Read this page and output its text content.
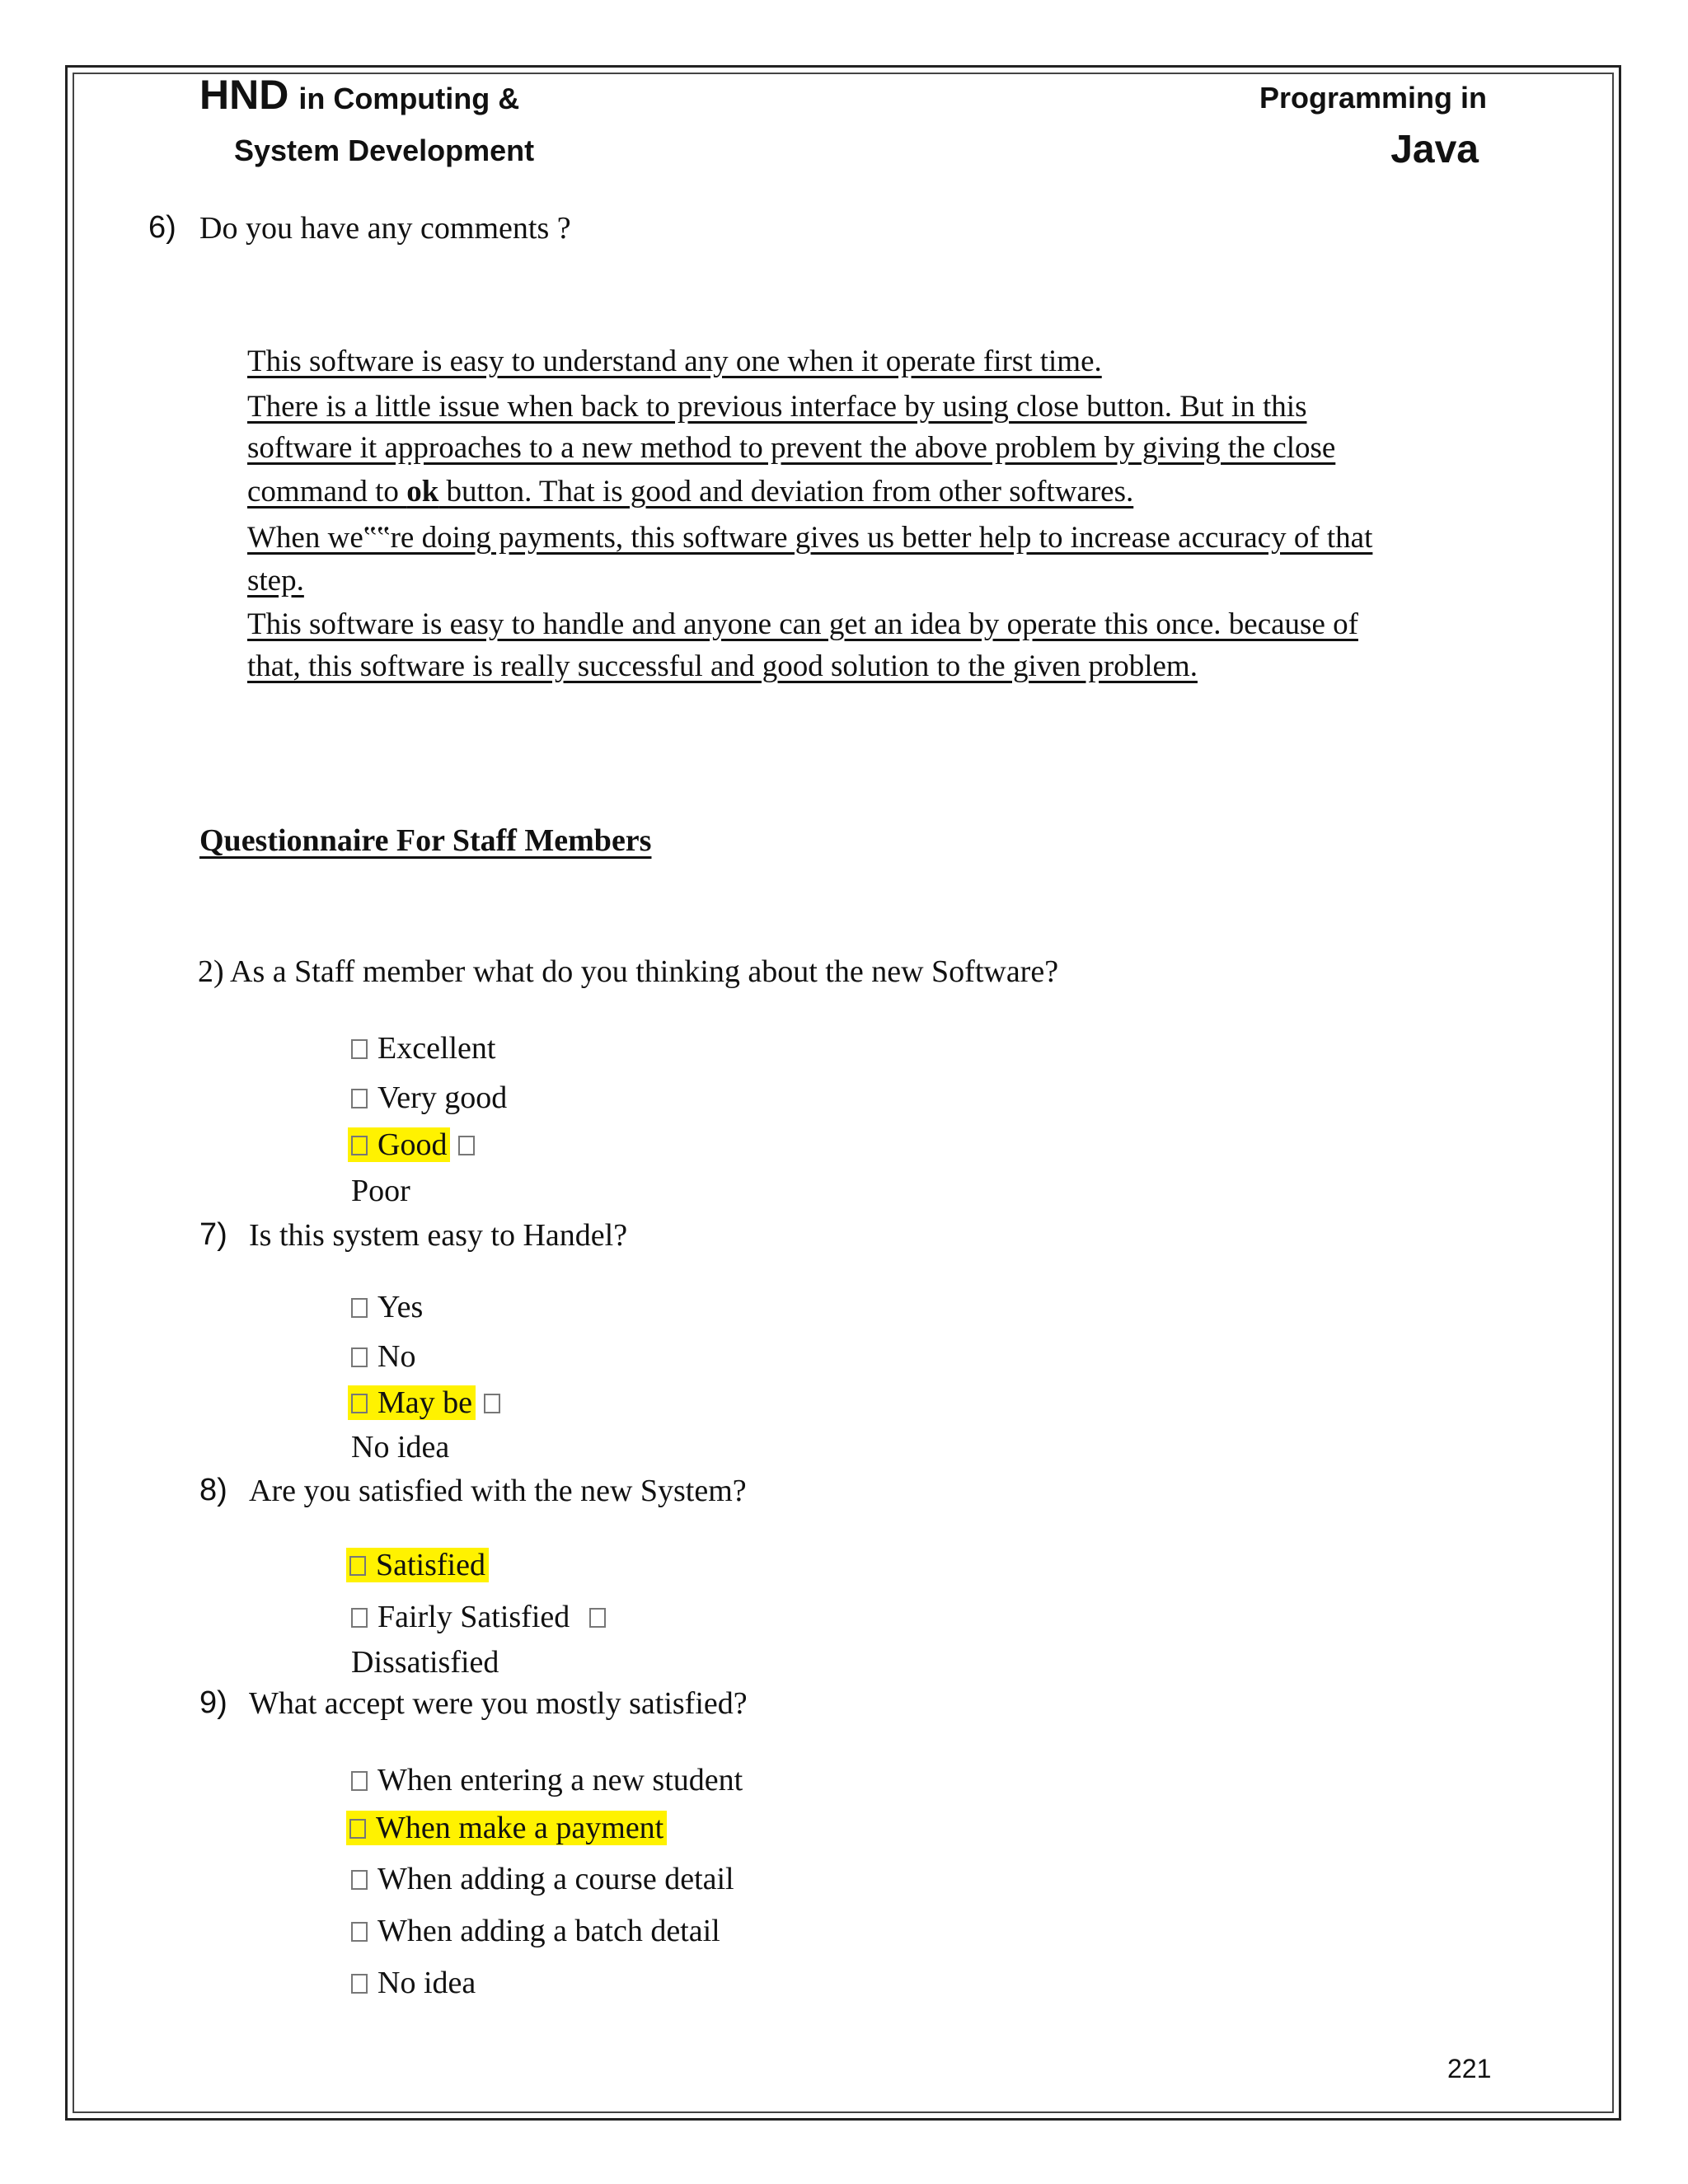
HND in Computing &
System Development
Programming in
Java
6) Do you have any comments ?
This software is easy to understand any one when it operate first time.
There is a little issue when back to previous interface by using close button. But in this
software it approaches to a new method to prevent the above problem by giving the close
command to ok button. That is good and deviation from other softwares.
When we‟‟re doing payments, this software gives us better help to increase accuracy of that
step.
This software is easy to handle and anyone can get an idea by operate this once. because of
that, this software is really successful and good solution to the given problem.
Questionnaire For Staff Members
2) As a Staff member what do you thinking about the new Software?
Excellent
Very good
Good
Poor
7) Is this system easy to Handel?
Yes
No
May be
No idea
8) Are you satisfied with the new System?
Satisfied
Fairly Satisfied
Dissatisfied
9) What accept were you mostly satisfied?
When entering a new student
When make a payment
When adding a course detail
When adding a batch detail
No idea
221
